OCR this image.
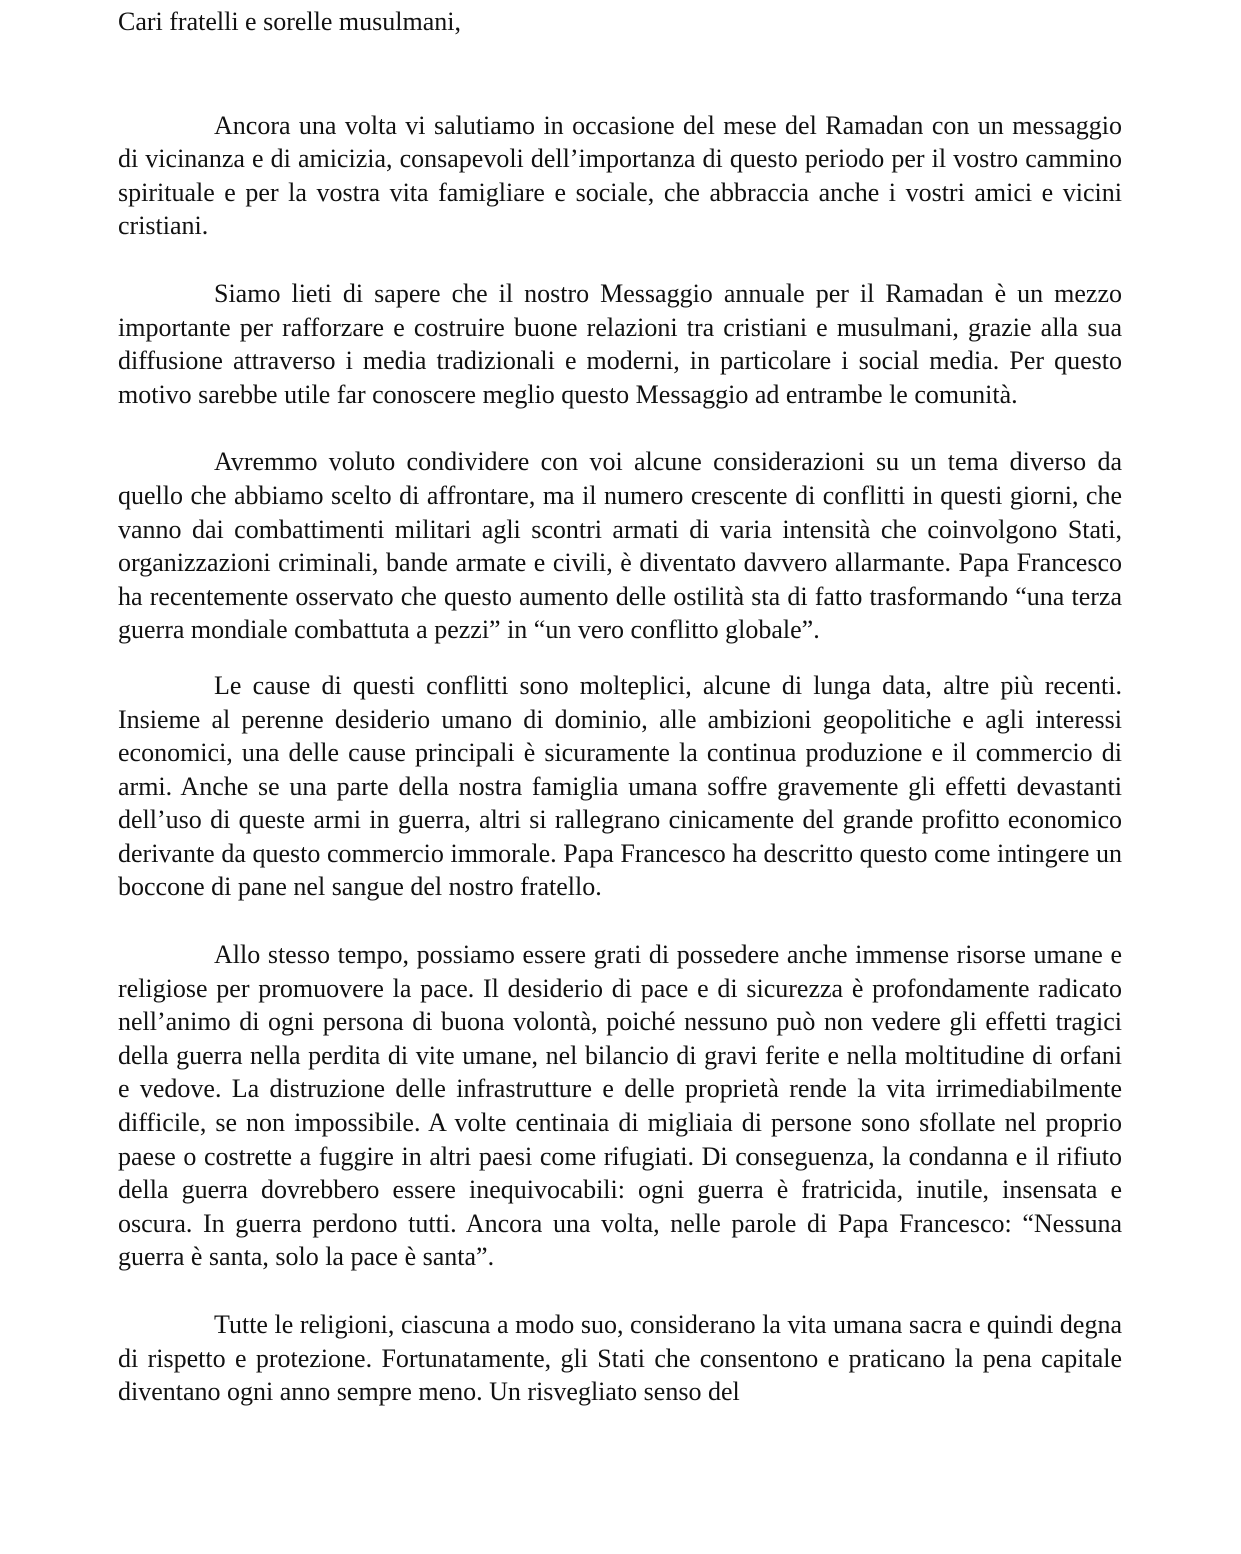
Cari fratelli e sorelle musulmani,

Ancora una volta vi salutiamo in occasione del mese del Ramadan con un messaggio di vicinanza e di amicizia, consapevoli dell’importanza di questo periodo per il vostro cammino spirituale e per la vostra vita famigliare e sociale, che abbraccia anche i vostri amici e vicini cristiani.

Siamo lieti di sapere che il nostro Messaggio annuale per il Ramadan è un mezzo importante per rafforzare e costruire buone relazioni tra cristiani e musulmani, grazie alla sua diffusione attraverso i media tradizionali e moderni, in particolare i social media. Per questo motivo sarebbe utile far conoscere meglio questo Messaggio ad entrambe le comunità.

Avremmo voluto condividere con voi alcune considerazioni su un tema diverso da quello che abbiamo scelto di affrontare, ma il numero crescente di conflitti in questi giorni, che vanno dai combattimenti militari agli scontri armati di varia intensità che coinvolgono Stati, organizzazioni criminali, bande armate e civili, è diventato davvero allarmante. Papa Francesco ha recentemente osservato che questo aumento delle ostilità sta di fatto trasformando “una terza guerra mondiale combattuta a pezzi” in “un vero conflitto globale”.

Le cause di questi conflitti sono molteplici, alcune di lunga data, altre più recenti. Insieme al perenne desiderio umano di dominio, alle ambizioni geopolitiche e agli interessi economici, una delle cause principali è sicuramente la continua produzione e il commercio di armi. Anche se una parte della nostra famiglia umana soffre gravemente gli effetti devastanti dell’uso di queste armi in guerra, altri si rallegrano cinicamente del grande profitto economico derivante da questo commercio immorale. Papa Francesco ha descritto questo come intingere un boccone di pane nel sangue del nostro fratello.

Allo stesso tempo, possiamo essere grati di possedere anche immense risorse umane e religiose per promuovere la pace. Il desiderio di pace e di sicurezza è profondamente radicato nell’animo di ogni persona di buona volontà, poiché nessuno può non vedere gli effetti tragici della guerra nella perdita di vite umane, nel bilancio di gravi ferite e nella moltitudine di orfani e vedove. La distruzione delle infrastrutture e delle proprietà rende la vita irrimediabilmente difficile, se non impossibile. A volte centinaia di migliaia di persone sono sfollate nel proprio paese o costrette a fuggire in altri paesi come rifugiati. Di conseguenza, la condanna e il rifiuto della guerra dovrebbero essere inequivocabili: ogni guerra è fratricida, inutile, insensata e oscura. In guerra perdono tutti. Ancora una volta, nelle parole di Papa Francesco: “Nessuna guerra è santa, solo la pace è santa”.

Tutte le religioni, ciascuna a modo suo, considerano la vita umana sacra e quindi degna di rispetto e protezione. Fortunatamente, gli Stati che consentono e praticano la pena capitale diventano ogni anno sempre meno. Un risvegliato senso del
